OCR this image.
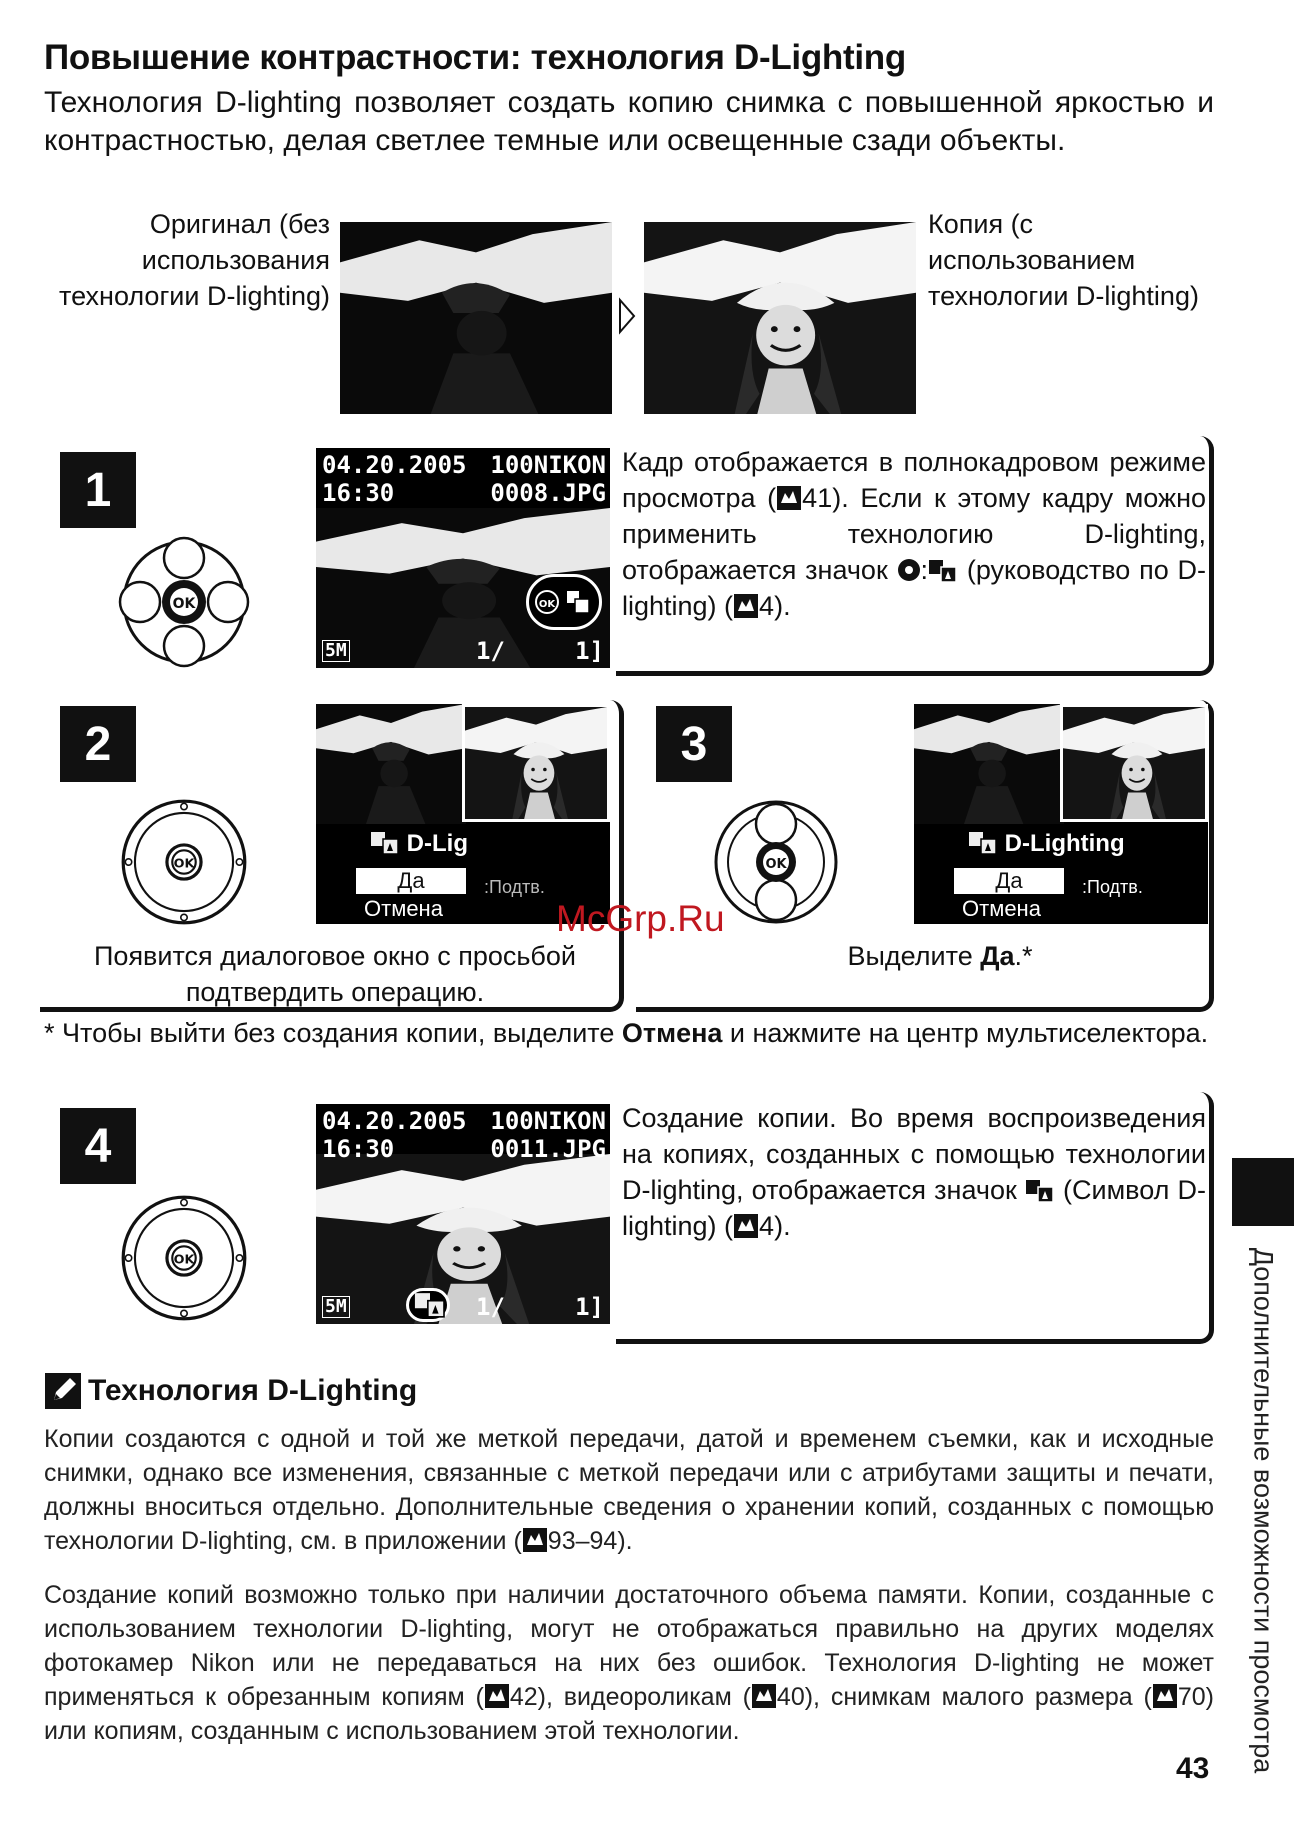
Повышение контрастности: технология D-Lighting
Технология D-lighting позволяет создать копию снимка с повышенной яркостью и контрастностью, делая светлее темные или освещенные сзади объекты.
Оригинал (без использования технологии D-lighting)
Копия (с использованием технологии D-lighting)
1
OK
04.20.2005
16:30
100NIKON
0008.JPG
5M	1/	1]
OK
Кадр отображается в полнокадровом режиме просмотра ( 41). Если к этому кадру можно применить технологию D-lighting, отображается значок : (руководство по D-lighting) ( 4).
2
OK
D-Lig
Да
Отмена
:Подтв.
Появится диалоговое окно с просьбой подтвердить операцию.
3
OK
D-Lighting
Да
Отмена
:Подтв.
Выделите Да.*
McGrp.Ru
* Чтобы выйти без создания копии, выделите Отмена и нажмите на центр мультиселектора.
4
OK
04.20.2005
16:30
100NIKON
0011.JPG
5M	1/	1]
Создание копии. Во время воспроизведения на копиях, созданных с помощью технологии D-lighting, отображается значок  (Символ D-lighting) ( 4).
Технология D-Lighting
Копии создаются с одной и той же меткой передачи, датой и временем съемки, как и исходные снимки, однако все изменения, связанные с меткой передачи или с атрибутами защиты и печати, должны вноситься отдельно. Дополнительные сведения о хранении копий, созданных с помощью технологии D-lighting, см. в приложении ( 93–94).
Создание копий возможно только при наличии достаточного объема памяти. Копии, созданные с использованием технологии D-lighting, могут не отображаться правильно на других моделях фотокамер Nikon или не передаваться на них без ошибок. Технология D-lighting не может применяться к обрезанным копиям ( 42), видеороликам ( 40), снимкам малого размера ( 70) или копиям, созданным с использованием этой технологии.	Дополнительные возможности просмотра
43
